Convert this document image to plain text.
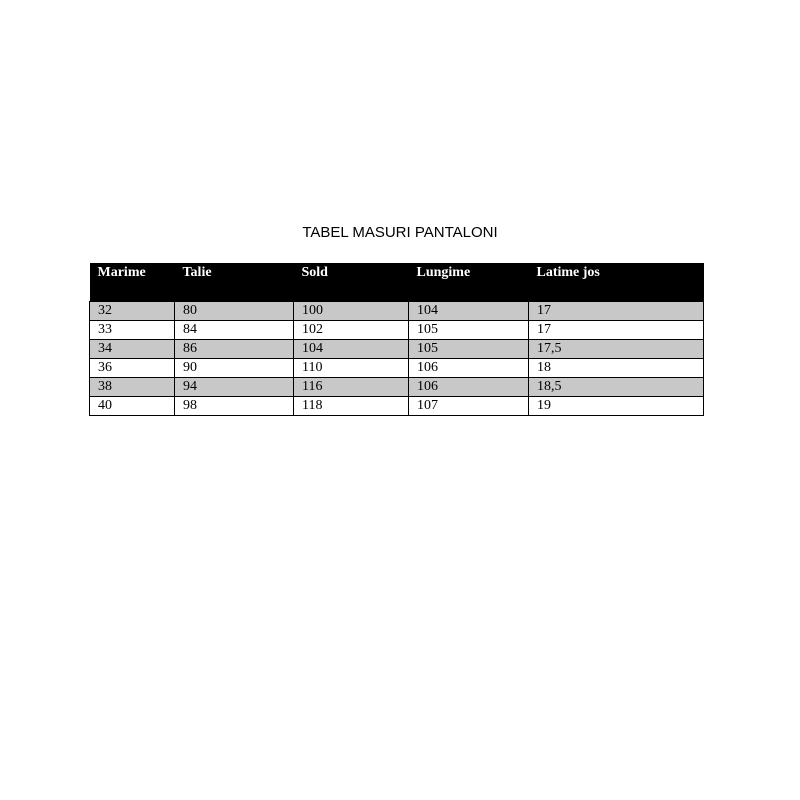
TABEL MASURI PANTALONI
Marime	Talie	Sold	Lungime	Latime jos
32	80	100	104	17
33	84	102	105	17
34	86	104	105	17,5
36	90	110	106	18
38	94	116	106	18,5
40	98	118	107	19
